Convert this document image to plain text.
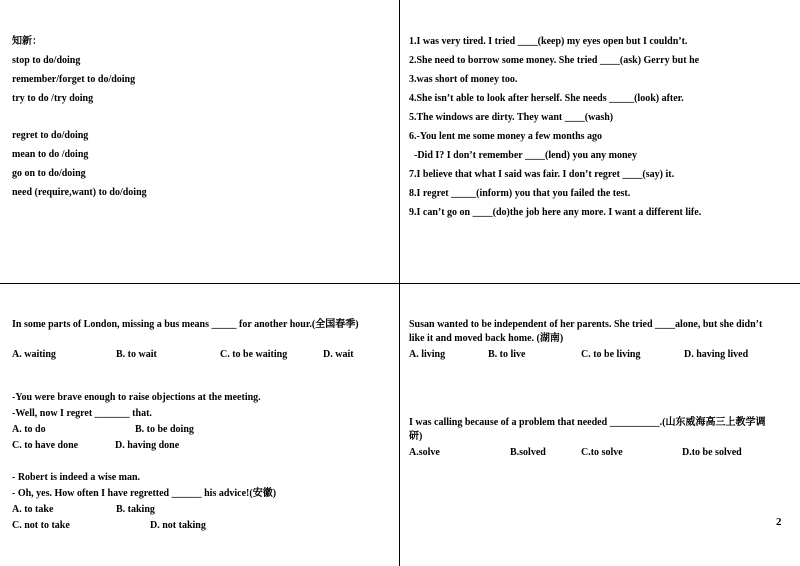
知新：
stop to do/doing
remember/forget to do/doing
try to do /try doing
regret to do/doing
mean to do /doing
go on to do/doing
need (require,want) to do/doing
1.I was very tired. I tried ____(keep) my eyes open but I couldn’t.
2.She need to borrow some money. She tried ____(ask) Gerry but he
3.was short of money too.
4.She isn’t able to look after herself. She needs _____(look) after.
5.The windows are dirty. They want ____(wash)
6.-You lent me some money a few months ago
-Did I? I don’t remember ____(lend) you any money
7.I believe that what I said was fair. I don’t regret ____(say) it.
8.I regret _____(inform) you that you failed the test.
9.I can’t go on ____(do)the job here any more. I want a different life.
In some parts of London, missing a bus means _____ for another hour.(全国春季)
A. waiting	B. to wait	C. to be waiting	D. wait
-You were brave enough to raise objections at the meeting.
-Well, now I regret _______ that.
A. to do	B. to be doing
C. to have done	D. having done
- Robert is indeed a wise man.
- Oh, yes. How often I have regretted ______ his advice!(安徽)
A. to take	B. taking
C. not to take	D. not taking
Susan wanted to be independent of her parents. She tried ____alone, but she didn’t like it and moved back home. (湖南)
A. living	B. to live	C. to be living	D. having lived
I was calling because of a problem that needed __________.(山东威海高三上教学调研)
A.solve	B.solved	C.to solve	D.to be solved
2
